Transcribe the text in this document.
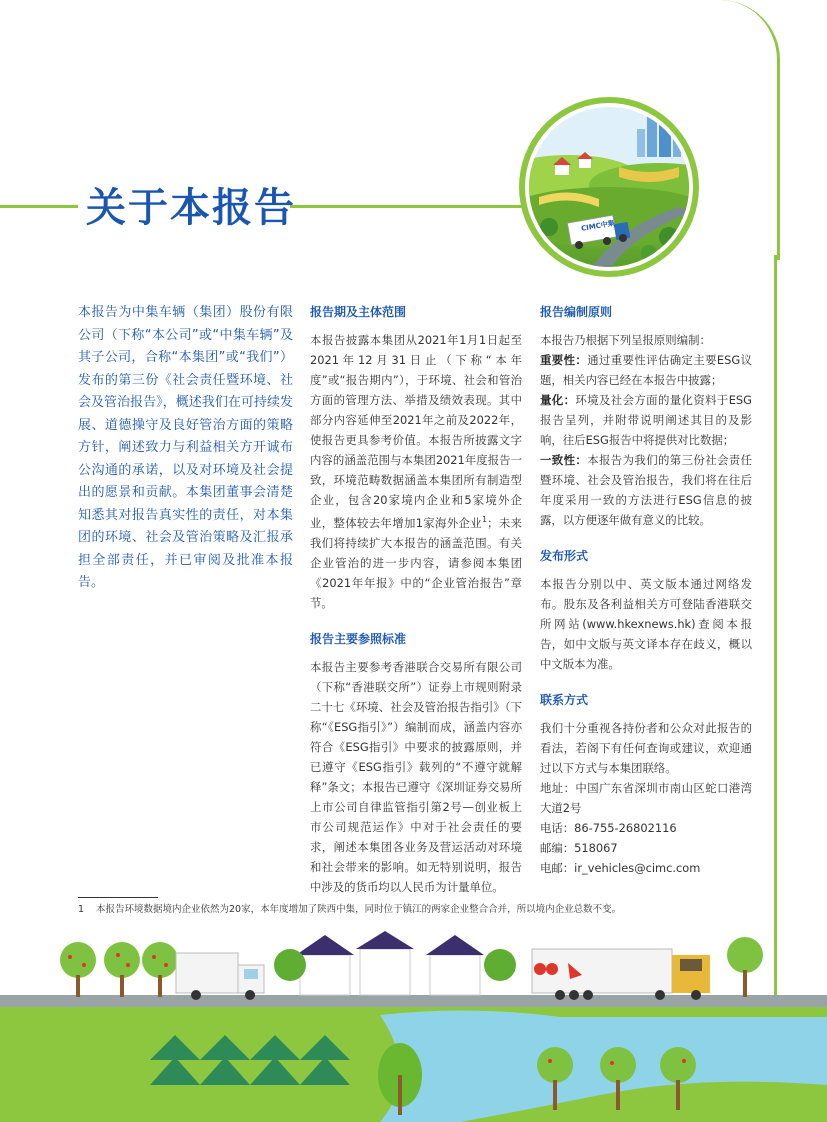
关于本报告	CIMC中集

本报告为中集车辆（集团）股份有限公司（下称“本公司”或“中集车辆”及其子公司，合称“本集团”或“我们”）发布的第三份《社会责任暨环境、社会及管治报告》，概述我们在可持续发展、道德操守及良好管治方面的策略方针，阐述致力与利益相关方开诚布公沟通的承诺，以及对环境及社会提出的愿景和贡献。本集团董事会清楚知悉其对报告真实性的责任，对本集团的环境、社会及管治策略及汇报承担全部责任，并已审阅及批准本报告。

报告期及主体范围

本报告披露本集团从2021年1月1日起至2021年12月31日止（下称“本年度”或“报告期内”），于环境、社会和管治方面的管理方法、举措及绩效表现。其中部分内容延伸至2021年之前及2022年，使报告更具参考价值。本报告所披露文字内容的涵盖范围与本集团2021年度报告一致，环境范畴数据涵盖本集团所有制造型企业，包含20家境内企业和5家境外企业，整体较去年增加1家海外企业$^1$；未来我们将持续扩大本报告的涵盖范围。有关企业管治的进一步内容，请参阅本集团《2021年年报》中的“企业管治报告”章节。

报告主要参照标准

本报告主要参考香港联合交易所有限公司（下称“香港联交所”）证券上市规则附录二十七《环境、社会及管治报告指引》（下称“《ESG指引》”）编制而成，涵盖内容亦符合《ESG指引》中要求的披露原则，并已遵守《ESG指引》载列的“不遵守就解释”条文；本报告已遵守《深圳证券交易所上市公司自律监管指引第2号—创业板上市公司规范运作》中对于社会责任的要求，阐述本集团各业务及营运活动对环境和社会带来的影响。如无特别说明，报告中涉及的货币均以人民币为计量单位。

报告编制原则

本报告乃根据下列呈报原则编制：

重要性：通过重要性评估确定主要ESG议题，相关内容已经在本报告中披露；

量化：环境及社会方面的量化资料于ESG报告呈列，并附带说明阐述其目的及影响，往后ESG报告中将提供对比数据；

一致性：本报告为我们的第三份社会责任暨环境、社会及管治报告，我们将在往后年度采用一致的方法进行ESG信息的披露，以方便逐年做有意义的比较。

发布形式

本报告分别以中、英文版本通过网络发布。股东及各利益相关方可登陆香港联交所网站(www.hkexnews.hk)查阅本报告，如中文版与英文译本存在歧义，概以中文版本为准。

联系方式

我们十分重视各持份者和公众对此报告的看法，若阁下有任何查询或建议，欢迎通过以下方式与本集团联络。

地址：中国广东省深圳市南山区蛇口港湾大道2号

电话：86-755-26802116

邮编：518067

电邮：ir_vehicles@cimc.com

1 本报告环境数据境内企业依然为20家，本年度增加了陕西中集，同时位于镇江的两家企业整合合并，所以境内企业总数不变。
